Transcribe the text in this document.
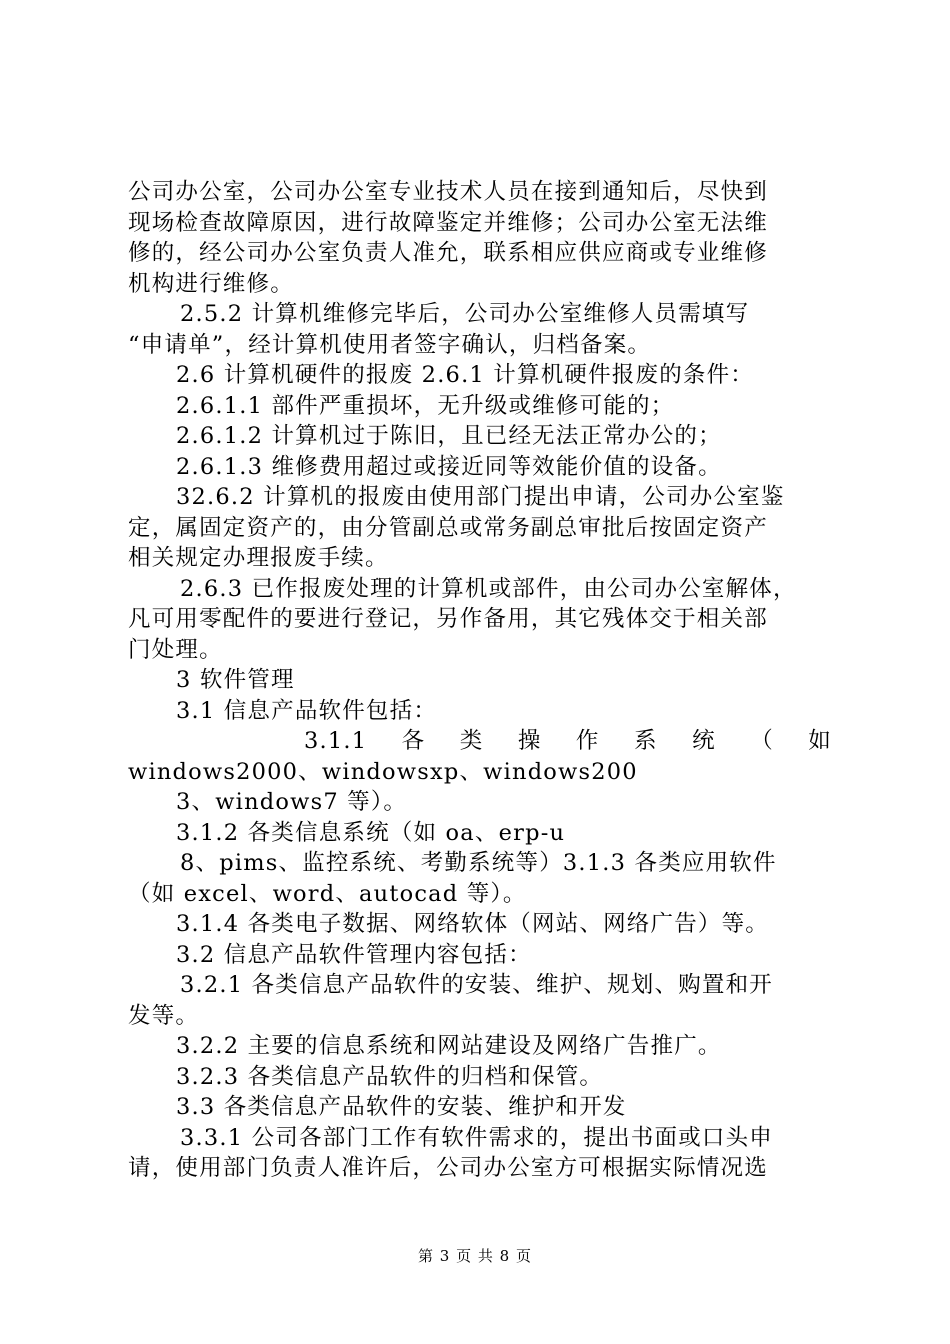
公司办公室，公司办公室专业技术人员在接到通知后，尽快到
现场检查故障原因，进行故障鉴定并维修；公司办公室无法维
修的，经公司办公室负责人准允，联系相应供应商或专业维修
机构进行维修。
2.5.2 计算机维修完毕后，公司办公室维修人员需填写
“申请单”，经计算机使用者签字确认，归档备案。
2.6 计算机硬件的报废 2.6.1 计算机硬件报废的条件：
2.6.1.1 部件严重损坏，无升级或维修可能的；
2.6.1.2 计算机过于陈旧，且已经无法正常办公的；
2.6.1.3 维修费用超过或接近同等效能价值的设备。
32.6.2 计算机的报废由使用部门提出申请，公司办公室鉴
定，属固定资产的，由分管副总或常务副总审批后按固定资产
相关规定办理报废手续。
2.6.3 已作报废处理的计算机或部件，由公司办公室解体，
凡可用零配件的要进行登记，另作备用，其它残体交于相关部
门处理。
3 软件管理
3.1 信息产品软件包括：
3.1.1 各 类 操 作 系 统 （ 如
windows2000、windowsxp、windows200
3、windows7 等）。
3.1.2 各类信息系统（如 oa、erp-u
8、pims、监控系统、考勤系统等）3.1.3 各类应用软件
（如 excel、word、autocad 等）。
3.1.4 各类电子数据、网络软体（网站、网络广告）等。
3.2 信息产品软件管理内容包括：
3.2.1 各类信息产品软件的安装、维护、规划、购置和开
发等。
3.2.2 主要的信息系统和网站建设及网络广告推广。
3.2.3 各类信息产品软件的归档和保管。
3.3 各类信息产品软件的安装、维护和开发
3.3.1 公司各部门工作有软件需求的，提出书面或口头申
请，使用部门负责人准许后，公司办公室方可根据实际情况选
第 3 页 共 8 页
